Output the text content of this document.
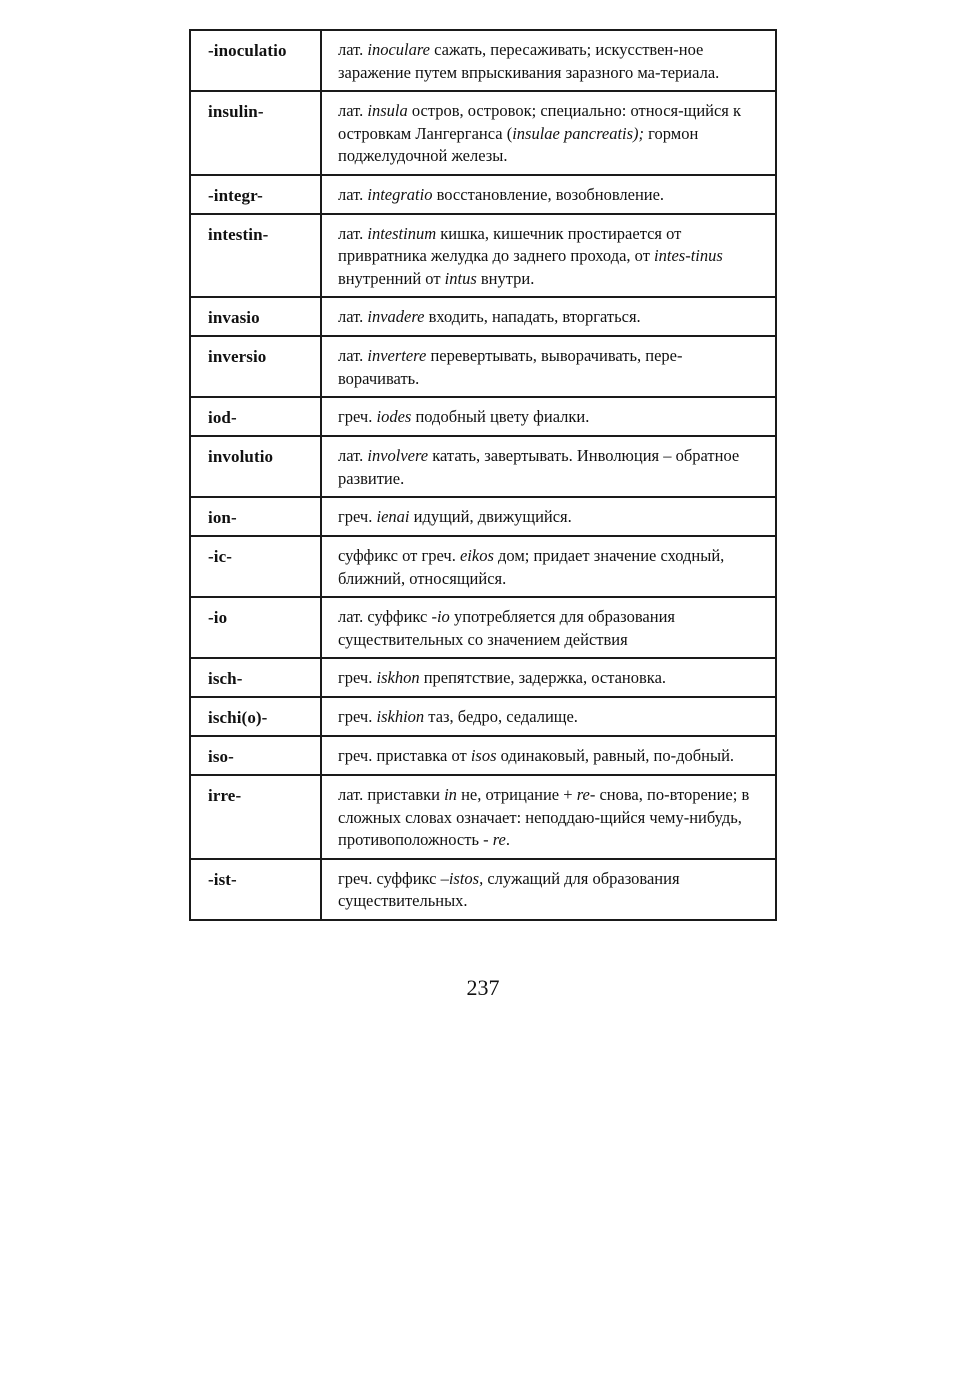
-inoculatio	лат. inoculare сажать, пересаживать; искусствен-ное заражение путем впрыскивания заразного ма-териала.

insulin-	лат. insula остров, островок; специально: относя-щийся к островкам Лангерганса (insulae pancreatis); гормон поджелудочной железы.

-integr-	лат. integratio восстановление, возобновление.

intestin-	лат. intestinum кишка, кишечник простирается от привратника желудка до заднего прохода, от intes-tinus внутренний от intus внутри.

invasio	лат. invadere входить, нападать, вторгаться.

inversio	лат. invertere перевертывать, выворачивать, пере-ворачивать.

iod-	греч. iodes подобный цвету фиалки.

involutio	лат. involvere катать, завертывать. Инволюция – обратное развитие.

ion-	греч. ienai идущий, движущийся.

-ic-	суффикс от греч. eikos дом; придает значение сходный, ближний, относящийся.

-io	лат. суффикс -io употребляется для образования существительных со значением действия

isch-	греч. iskhon препятствие, задержка, остановка.

ischi(o)-	греч. iskhion таз, бедро, седалище.

iso-	греч. приставка от isos одинаковый, равный, по-добный.

irre-	лат. приставки in не, отрицание + re- снова, по-вторение; в сложных словах означает: неподдаю-щийся чему-нибудь, противоположность - re.

-ist-	греч. суффикс –istos, служащий для образования существительных.
237
